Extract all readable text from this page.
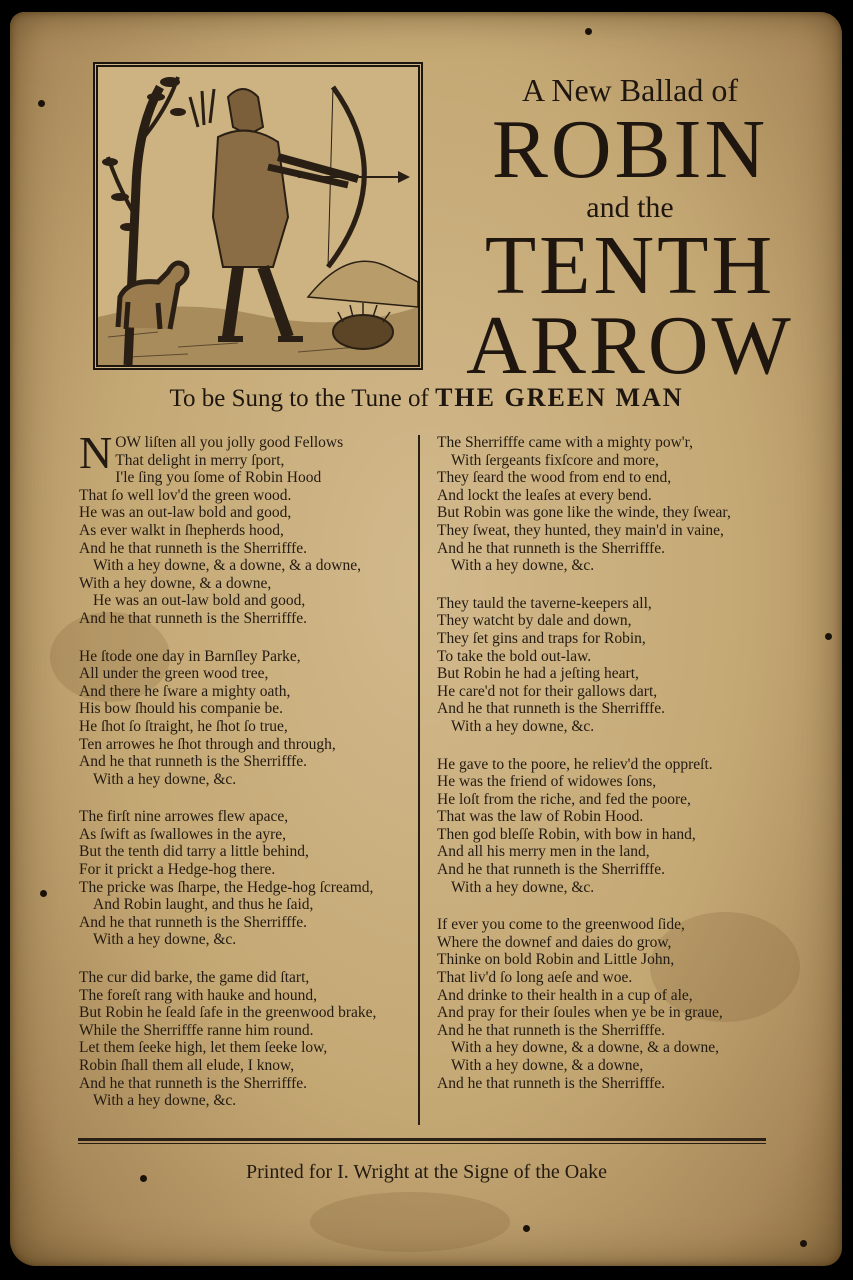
A New Ballad of
ROBIN
and the
TENTH
ARROW
To be Sung to the Tune of THE GREEN MAN
NOW liſten all you jolly good Fellows
That delight in merry ſport,
I'le ſing you ſome of Robin Hood
That ſo well lov'd the green wood.
He was an out-law bold and good,
As ever walkt in ſhepherds hood,
And he that runneth is the Sherrifffe.
With a hey downe, & a downe, & a downe,
With a hey downe, & a downe,
He was an out-law bold and good,
And he that runneth is the Sherrifffe.
He ſtode one day in Barnſley Parke,
All under the green wood tree,
And there he ſware a mighty oath,
His bow ſhould his companie be.
He ſhot ſo ſtraight, he ſhot ſo true,
Ten arrowes he ſhot through and through,
And he that runneth is the Sherrifffe.
With a hey downe, &c.
The firſt nine arrowes flew apace,
As ſwift as ſwallowes in the ayre,
But the tenth did tarry a little behind,
For it prickt a Hedge-hog there.
The pricke was ſharpe, the Hedge-hog ſcreamd,
And Robin laught, and thus he ſaid,
And he that runneth is the Sherrifffe.
With a hey downe, &c.
The cur did barke, the game did ſtart,
The foreſt rang with hauke and hound,
But Robin he ſeald ſafe in the greenwood brake,
While the Sherrifffe ranne him round.
Let them ſeeke high, let them ſeeke low,
Robin ſhall them all elude, I know,
And he that runneth is the Sherrifffe.
With a hey downe, &c.
The Sherrifffe came with a mighty pow'r,
With ſergeants fixſcore and more,
They ſeard the wood from end to end,
And lockt the leaſes at every bend.
But Robin was gone like the winde, they ſwear,
They ſweat, they hunted, they main'd in vaine,
And he that runneth is the Sherrifffe.
With a hey downe, &c.
They tauld the taverne-keepers all,
They watcht by dale and down,
They ſet gins and traps for Robin,
To take the bold out-law.
But Robin he had a jeſting heart,
He care'd not for their gallows dart,
And he that runneth is the Sherrifffe.
With a hey downe, &c.
He gave to the poore, he reliev'd the oppreſt.
He was the friend of widowes ſons,
He loſt from the riche, and fed the poore,
That was the law of Robin Hood.
Then god bleſſe Robin, with bow in hand,
And all his merry men in the land,
And he that runneth is the Sherrifffe.
With a hey downe, &c.
If ever you come to the greenwood ſide,
Where the downef and daies do grow,
Thinke on bold Robin and Little John,
That liv'd ſo long aeſe and woe.
And drinke to their health in a cup of ale,
And pray for their ſoules when ye be in graue,
And he that runneth is the Sherrifffe.
With a hey downe, & a downe, & a downe,
With a hey downe, & a downe,
And he that runneth is the Sherrifffe.
Printed for I. Wright at the Signe of the Oake
